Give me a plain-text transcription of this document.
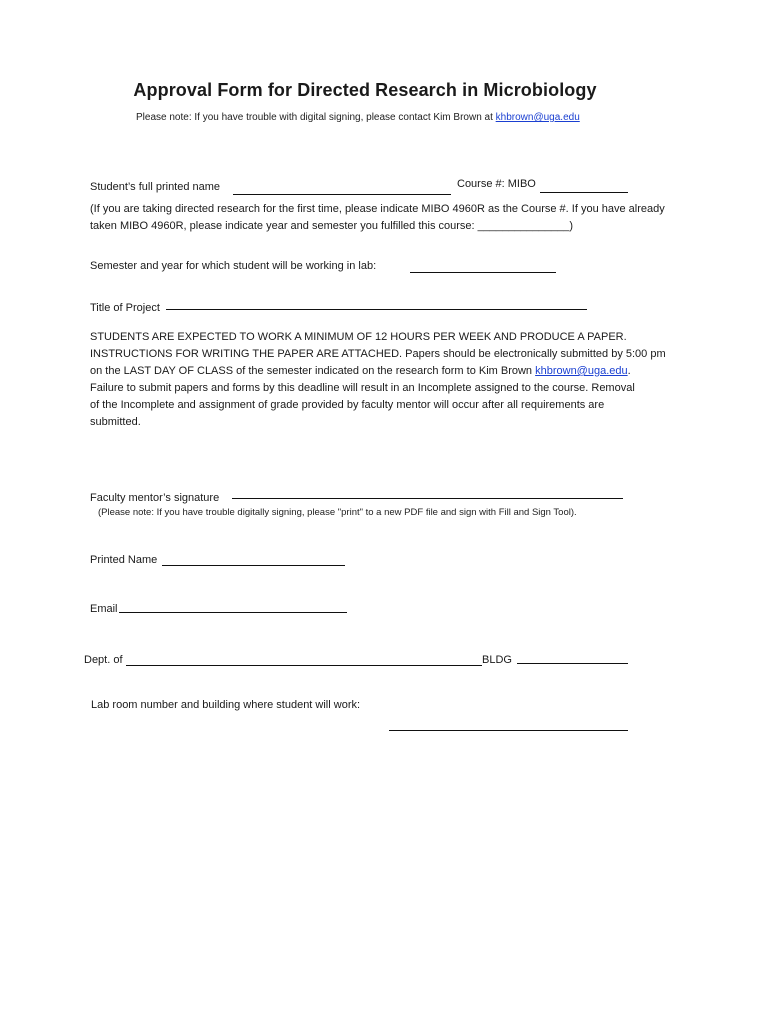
Approval Form for Directed Research in Microbiology
Please note: If you have trouble with digital signing, please contact Kim Brown at khbrown@uga.edu
Student’s full printed name	Course #: MIBO
(If you are taking directed research for the first time, please indicate MIBO 4960R as the Course #. If you have already taken MIBO 4960R, please indicate year and semester you fulfilled this course: _______________)
Semester and year for which student will be working in lab:
Title of Project
STUDENTS ARE EXPECTED TO WORK A MINIMUM OF 12 HOURS PER WEEK AND PRODUCE A PAPER.
INSTRUCTIONS FOR WRITING THE PAPER ARE ATTACHED. Papers should be electronically submitted by 5:00 pm
on the LAST DAY OF CLASS of the semester indicated on the research form to Kim Brown khbrown@uga.edu.
Failure to submit papers and forms by this deadline will result in an Incomplete assigned to the course. Removal
of the Incomplete and assignment of grade provided by faculty mentor will occur after all requirements are
submitted.
Faculty mentor’s signature
(Please note: If you have trouble digitally signing, please "print" to a new PDF file and sign with Fill and Sign Tool).
Printed Name
Email
Dept. of	BLDG
Lab room number and building where student will work:
